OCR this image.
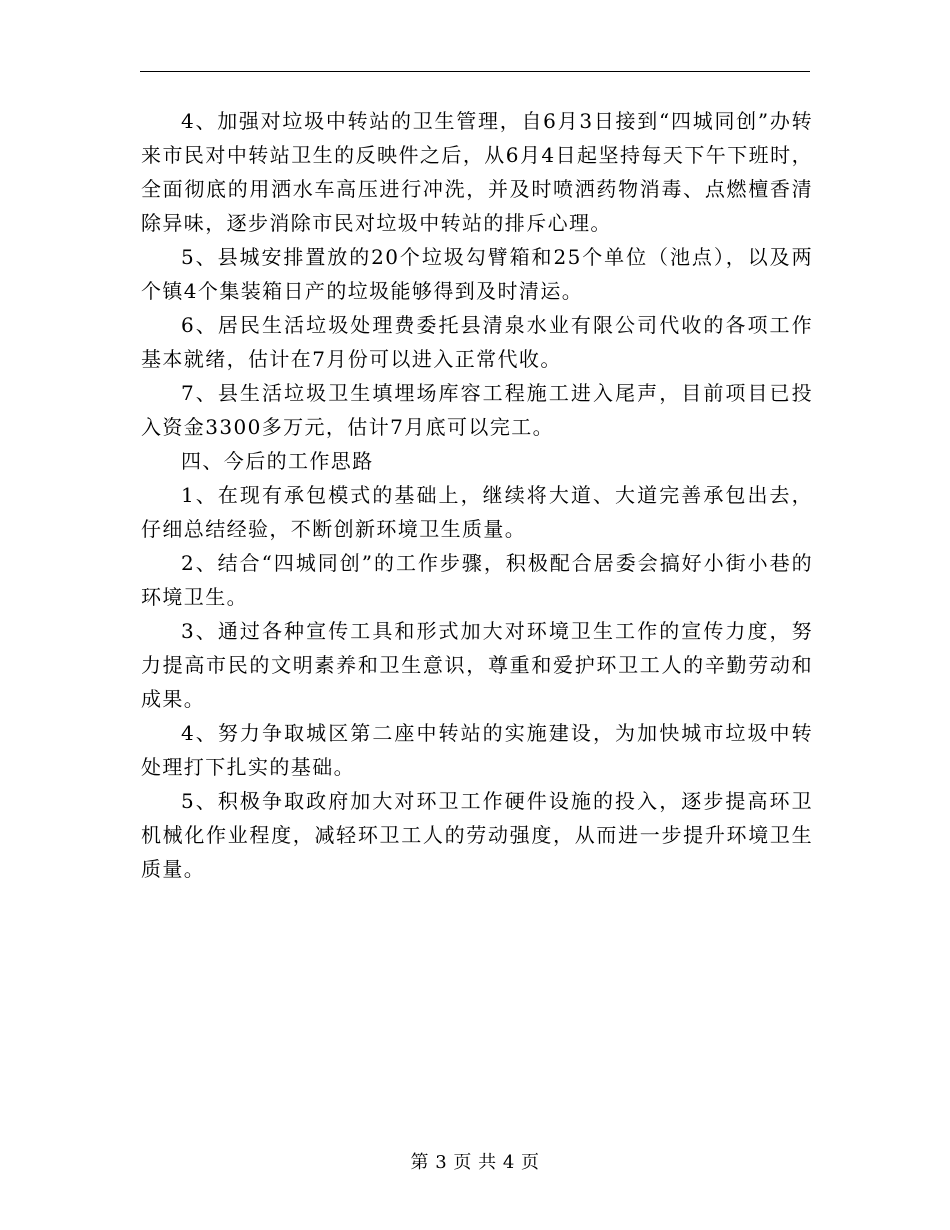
4、加强对垃圾中转站的卫生管理，自6月3日接到“四城同创”办转来市民对中转站卫生的反映件之后，从6月4日起坚持每天下午下班时，全面彻底的用洒水车高压进行冲洗，并及时喷洒药物消毒、点燃檀香清除异味，逐步消除市民对垃圾中转站的排斥心理。

5、县城安排置放的20个垃圾勾臂箱和25个单位（池点），以及两个镇4个集装箱日产的垃圾能够得到及时清运。

6、居民生活垃圾处理费委托县清泉水业有限公司代收的各项工作基本就绪，估计在7月份可以进入正常代收。

7、县生活垃圾卫生填埋场库容工程施工进入尾声，目前项目已投入资金3300多万元，估计7月底可以完工。

四、今后的工作思路

1、在现有承包模式的基础上，继续将大道、大道完善承包出去，仔细总结经验，不断创新环境卫生质量。

2、结合“四城同创”的工作步骤，积极配合居委会搞好小街小巷的环境卫生。

3、通过各种宣传工具和形式加大对环境卫生工作的宣传力度，努力提高市民的文明素养和卫生意识，尊重和爱护环卫工人的辛勤劳动和成果。

4、努力争取城区第二座中转站的实施建设，为加快城市垃圾中转处理打下扎实的基础。

5、积极争取政府加大对环卫工作硬件设施的投入，逐步提高环卫机械化作业程度，减轻环卫工人的劳动强度，从而进一步提升环境卫生质量。

第 3 页 共 4 页
